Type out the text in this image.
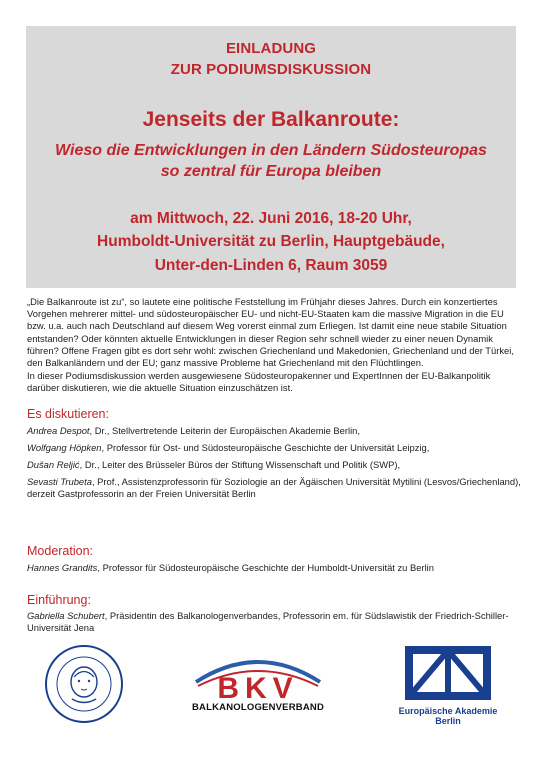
EINLADUNG
ZUR PODIUMSDISKUSSION
Jenseits der Balkanroute:
Wieso die Entwicklungen in den Ländern Südosteuropas
so zentral für Europa bleiben
am Mittwoch, 22. Juni 2016, 18-20 Uhr,
Humboldt-Universität zu Berlin, Hauptgebäude,
Unter-den-Linden 6, Raum 3059

„Die Balkanroute ist zu“, so lautete eine politische Feststellung im Frühjahr dieses Jahres. Durch ein konzertiertes Vorgehen mehrerer mittel- und südosteuropäischer EU- und nicht-EU-Staaten kam die massive Migration in die EU bzw. u.a. auch nach Deutschland auf diesem Weg vorerst einmal zum Erliegen. Ist damit eine neue stabile Situation entstanden? Oder könnten aktuelle Entwicklungen in dieser Region sehr schnell wieder zu einer neuen Dynamik führen? Offene Fragen gibt es dort sehr wohl: zwischen Griechenland und Makedonien, Griechenland und der Türkei, den Balkanländern und der EU; ganz massive Probleme hat Griechenland mit den Flüchtlingen.

In dieser Podiumsdiskussion werden ausgewiesene Südosteuropakenner und ExpertInnen der EU-Balkanpolitik darüber diskutieren, wie die aktuelle Situation einzuschätzen ist.

Es diskutieren:
Andrea Despot, Dr., Stellvertretende Leiterin der Europäischen Akademie Berlin,
Wolfgang Höpken, Professor für Ost- und Südosteuropäische Geschichte der Universität Leipzig,
Dušan Reljić, Dr., Leiter des Brüsseler Büros der Stiftung Wissenschaft und Politik (SWP),
Sevasti Trubeta, Prof., Assistenzprofessorin für Soziologie an der Ägäischen Universität Mytilini (Lesvos/Griechenland), derzeit Gastprofessorin an der Freien Universität Berlin
Moderation:
Hannes Grandits, Professor für Südosteuropäische Geschichte der Humboldt-Universität zu Berlin
Einführung:
Gabriella Schubert, Präsidentin des Balkanologenverbandes, Professorin em. für Südslawistik der Friedrich-Schiller-Universität Jena
BKV
BALKANOLOGENVERBAND	Europäische Akademie Berlin
